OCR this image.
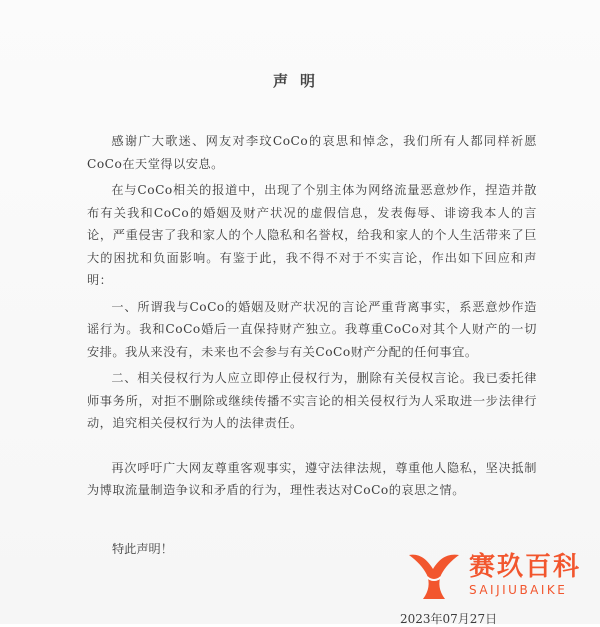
声明

感谢广大歌迷、网友对李玟CoCo的哀思和悼念，我们所有人都同样祈愿CoCo在天堂得以安息。

在与CoCo相关的报道中，出现了个别主体为网络流量恶意炒作，捏造并散布有关我和CoCo的婚姻及财产状况的虚假信息，发表侮辱、诽谤我本人的言论，严重侵害了我和家人的个人隐私和名誉权，给我和家人的个人生活带来了巨大的困扰和负面影响。有鉴于此，我不得不对于不实言论，作出如下回应和声明：

一、所谓我与CoCo的婚姻及财产状况的言论严重背离事实，系恶意炒作造谣行为。我和CoCo婚后一直保持财产独立。我尊重CoCo对其个人财产的一切安排。我从来没有，未来也不会参与有关CoCo财产分配的任何事宜。

二、相关侵权行为人应立即停止侵权行为，删除有关侵权言论。我已委托律师事务所，对拒不删除或继续传播不实言论的相关侵权行为人采取进一步法律行动，追究相关侵权行为人的法律责任。

再次呼吁广大网友尊重客观事实，遵守法律法规，尊重他人隐私，坚决抵制为博取流量制造争议和矛盾的行为，理性表达对CoCo的哀思之情。

特此声明！
赛玖百科
SAIJIUBAIKE
2023年07月27日
